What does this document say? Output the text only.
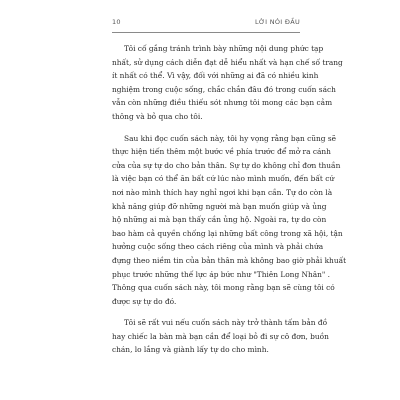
10	LỜI NÓI ĐẦU
Tôi cố gắng tránh trình bày những nội dung phức tạp
nhất, sử dụng cách diễn đạt dễ hiểu nhất và hạn chế số trang
ít nhất có thể. Vì vậy, đối với những ai đã có nhiều kinh
nghiệm trong cuộc sống, chắc chắn đâu đó trong cuốn sách
vẫn còn những điều thiếu sót nhưng tôi mong các bạn cảm
thông và bỏ qua cho tôi.
Sau khi đọc cuốn sách này, tôi hy vọng rằng bạn cũng sẽ
thực hiện tiến thêm một bước về phía trước để mở ra cánh
cửa của sự tự do cho bản thân. Sự tự do không chỉ đơn thuần
là việc bạn có thể ăn bất cứ lúc nào mình muốn, đến bất cứ
nơi nào mình thích hay nghỉ ngơi khi bạn cần. Tự do còn là
khả năng giúp đỡ những người mà bạn muốn giúp và ủng
hộ những ai mà bạn thấy cần ủng hộ. Ngoài ra, tự do còn
bao hàm cả quyền chống lại những bất công trong xã hội, tận
hưởng cuộc sống theo cách riêng của mình và phải chứa
đựng theo niềm tin của bản thân mà không bao giờ phải khuất
phục trước những thế lực áp bức như "Thiên Long Nhân" .
Thông qua cuốn sách này, tôi mong rằng bạn sẽ cùng tôi có
được sự tự do đó.
Tôi sẽ rất vui nếu cuốn sách này trở thành tấm bản đồ
hay chiếc la bàn mà bạn cần để loại bỏ đi sự cô đơn, buồn
chán, lo lắng và giành lấy tự do cho mình.
